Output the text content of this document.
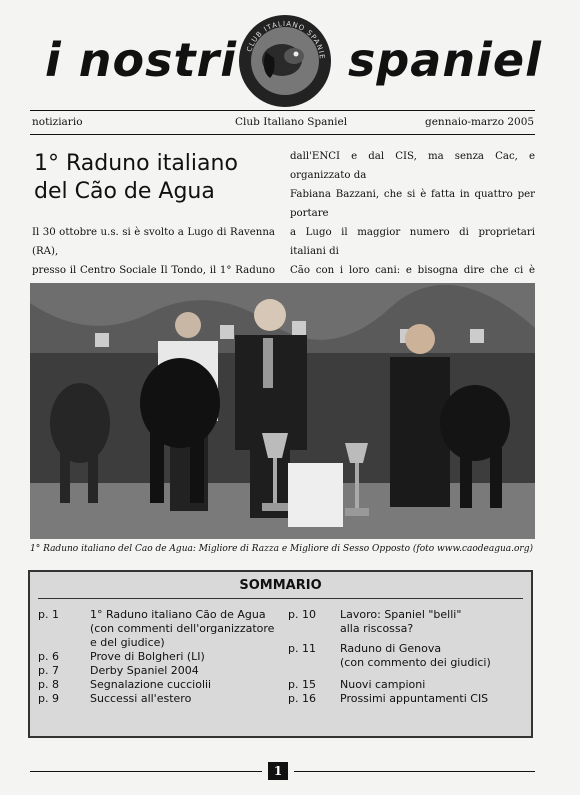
i nostri	CLUB ITALIANO SPANIE spaniel
notiziario	Club Italiano Spaniel	gennaio-marzo 2005
1° Raduno italiano
del Cão de Agua
Il 30 ottobre u.s. si è svolto a Lugo di Ravenna (RA),
presso il Centro Sociale Il Tondo, il 1° Raduno
dall'ENCI e dal CIS, ma senza Cac, e organizzato da
Fabiana Bazzani, che si è fatta in quattro per portare
a Lugo il maggior numero di proprietari italiani di
Cão con i loro cani: e bisogna dire che ci è
1° Raduno italiano del Cao de Agua: Migliore di Razza e Migliore di Sesso Opposto (foto www.caodeagua.org)
SOMMARIO
p. 1	1° Raduno italiano Cão de Agua
(con commenti dell'organizzatore
e del giudice)
p. 6	Prove di Bolgheri (LI)
p. 7	Derby Spaniel 2004
p. 8	Segnalazione cucciolii
p. 9	Successi all'estero
p. 10 Lavoro: Spaniel "belli"
alla riscossa?
p. 11 Raduno di Genova
(con commento dei giudici)
p. 15 Nuovi campioni
p. 16 Prossimi appuntamenti CIS
1
